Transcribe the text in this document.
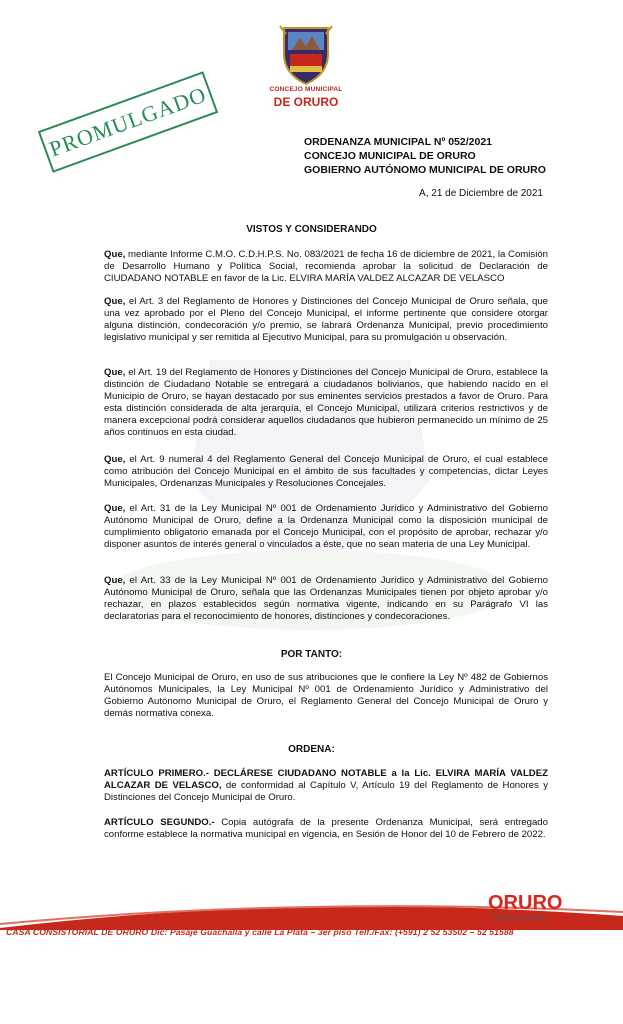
CONCEJO MUNICIPAL
DE ORURO
PROMULGADO	ORDENANZA MUNICIPAL Nº 052/2021
CONCEJO MUNICIPAL DE ORURO
GOBIERNO AUTÓNOMO MUNICIPAL DE ORURO
A, 21 de Diciembre de 2021
VISTOS Y CONSIDERANDO
Que, mediante Informe C.M.O. C.D.H.P.S. No. 083/2021 de fecha 16 de diciembre de 2021, la Comisión de Desarrollo Humano y Política Social, recomienda aprobar la solicitud de Declaración de CIUDADANO NOTABLE en favor de la Lic. ELVIRA MARÍA VALDEZ ALCAZAR DE VELASCO
Que, el Art. 3 del Reglamento de Honores y Distinciones del Concejo Municipal de Oruro señala, que una vez aprobado por el Pleno del Concejo Municipal, el informe pertinente que considere otorgar alguna distinción, condecoración y/o premio, se labrará Ordenanza Municipal, previo procedimiento legislativo municipal y ser remitida al Ejecutivo Municipal, para su promulgación u observación.
Que, el Art. 19 del Reglamento de Honores y Distinciones del Concejo Municipal de Oruro, establece la distinción de Ciudadano Notable se entregará a ciudadanos bolivianos, que habiendo nacido en el Municipio de Oruro, se hayan destacado por sus eminentes servicios prestados a favor de Oruro. Para esta distinción considerada de alta jerarquía, el Concejo Municipal, utilizará criterios restrictivos y de manera excepcional podrá considerar aquellos ciudadanos que hubieron permanecido un mínimo de 25 años continuos en esta ciudad.
Que, el Art. 9 numeral 4 del Reglamento General del Concejo Municipal de Oruro, el cual establece como atribución del Concejo Municipal en el ámbito de sus facultades y competencias, dictar Leyes Municipales, Ordenanzas Municipales y Resoluciones Concejales.
Que, el Art. 31 de la Ley Municipal Nº 001 de Ordenamiento Jurídico y Administrativo del Gobierno Autónomo Municipal de Oruro, define a la Ordenanza Municipal como la disposición municipal de cumplimiento obligatorio emanada por el Concejo Municipal, con el propósito de aprobar, rechazar y/o disponer asuntos de interés general o vinculados a éste, que no sean materia de una Ley Municipal.
Que, el Art. 33 de la Ley Municipal Nº 001 de Ordenamiento Jurídico y Administrativo del Gobierno Autónomo Municipal de Oruro, señala que las Ordenanzas Municipales tienen por objeto aprobar y/o rechazar, en plazos establecidos según normativa vigente, indicando en su Parágrafo VI las declaratorias para el reconocimiento de honores, distinciones y condecoraciones.
POR TANTO:
El Concejo Municipal de Oruro, en uso de sus atribuciones que le confiere la Ley Nº 482 de Gobiernos Autónomos Municipales, la Ley Municipal Nº 001 de Ordenamiento Jurídico y Administrativo del Gobierno Autónomo Municipal de Oruro, el Reglamento General del Concejo Municipal de Oruro y demás normativa conexa.
ORDENA:
ARTÍCULO PRIMERO.- DECLÁRESE CIUDADANO NOTABLE a la Lic. ELVIRA MARÍA VALDEZ ALCAZAR DE VELASCO, de conformidad al Capítulo V, Artículo 19 del Reglamento de Honores y Distinciones del Concejo Municipal de Oruro.
ARTÍCULO SEGUNDO.- Copia autógrafa de la presente Ordenanza Municipal, será entregado conforme establece la normativa municipal en vigencia, en Sesión de Honor del 10 de Febrero de 2022.
ORURO
Te quiero grande
CASA CONSISTORIAL DE ORURO Dic: Pasaje Guachalla y calle La Plata – 3er piso Telf./Fax: (+591) 2 52 53502 – 52 51588
